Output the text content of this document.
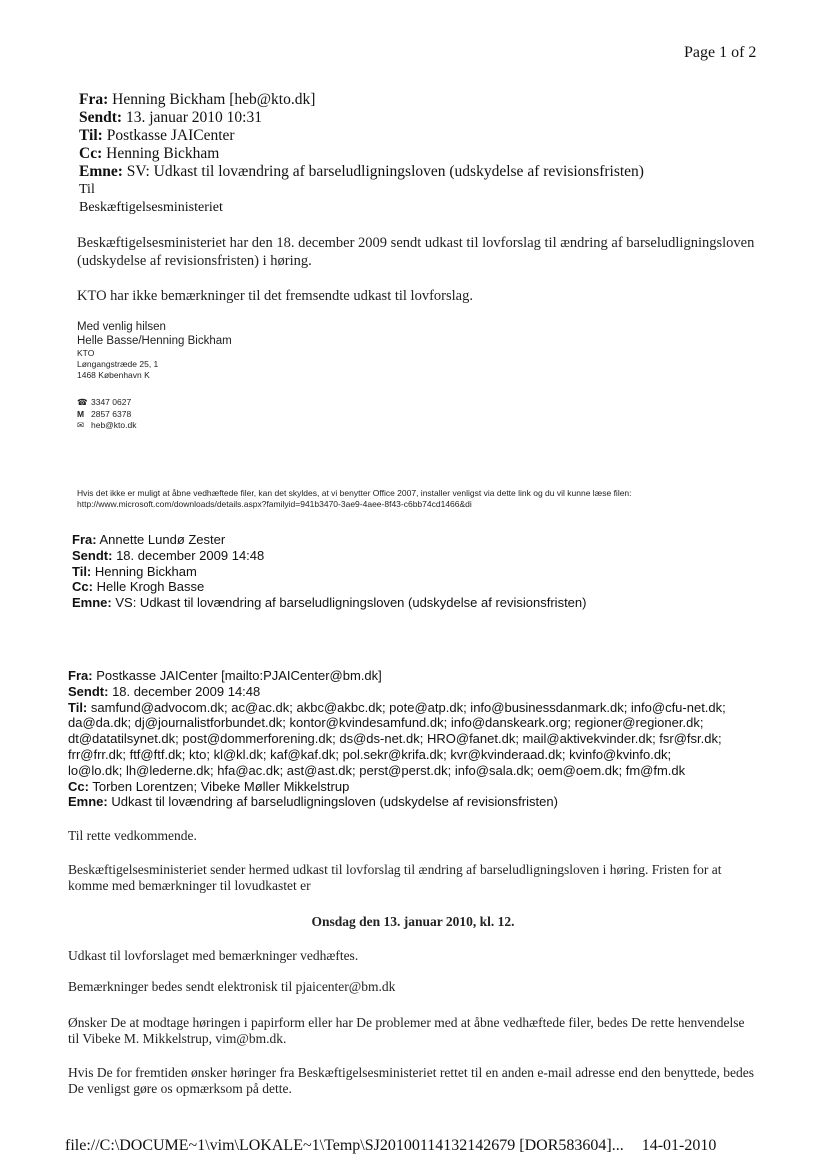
Page 1 of 2
Fra: Henning Bickham [heb@kto.dk]
Sendt: 13. januar 2010 10:31
Til: Postkasse JAICenter
Cc: Henning Bickham
Emne: SV: Udkast til lovændring af barseludligningsloven (udskydelse af revisionsfristen)
Til
Beskæftigelsesministeriet
Beskæftigelsesministeriet har den 18. december 2009 sendt udkast til lovforslag til ændring af barseludligningsloven (udskydelse af revisionsfristen) i høring.
KTO har ikke bemærkninger til det fremsendte udkast til lovforslag.
Med venlig hilsen
Helle Basse/Henning Bickham
KTO
Løngangstræde 25, 1
1468 København K
☎ 3347 0627
M 2857 6378
✉ heb@kto.dk
Hvis det ikke er muligt at åbne vedhæftede filer, kan det skyldes, at vi benytter Office 2007, installer venligst via dette link og du vil kunne læse filen: http://www.microsoft.com/downloads/details.aspx?familyid=941b3470-3ae9-4aee-8f43-c6bb74cd1466&di
Fra: Annette Lundø Zester
Sendt: 18. december 2009 14:48
Til: Henning Bickham
Cc: Helle Krogh Basse
Emne: VS: Udkast til lovændring af barseludligningsloven (udskydelse af revisionsfristen)
Fra: Postkasse JAICenter [mailto:PJAICenter@bm.dk]
Sendt: 18. december 2009 14:48
Til: samfund@advocom.dk; ac@ac.dk; akbc@akbc.dk; pote@atp.dk; info@businessdanmark.dk; info@cfu-net.dk;
da@da.dk; dj@journalistforbundet.dk; kontor@kvindesamfund.dk; info@danskeark.org; regioner@regioner.dk;
dt@datatilsynet.dk; post@dommerforening.dk; ds@ds-net.dk; HRO@fanet.dk; mail@aktivekvinder.dk; fsr@fsr.dk;
frr@frr.dk; ftf@ftf.dk; kto; kl@kl.dk; kaf@kaf.dk; pol.sekr@krifa.dk; kvr@kvinderaad.dk; kvinfo@kvinfo.dk;
lo@lo.dk; lh@lederne.dk; hfa@ac.dk; ast@ast.dk; perst@perst.dk; info@sala.dk; oem@oem.dk; fm@fm.dk
Cc: Torben Lorentzen; Vibeke Møller Mikkelstrup
Emne: Udkast til lovændring af barseludligningsloven (udskydelse af revisionsfristen)

Til rette vedkommende.

Beskæftigelsesministeriet sender hermed udkast til lovforslag til ændring af barseludligningsloven i høring. Fristen for at komme med bemærkninger til lovudkastet er

Onsdag den 13. januar 2010, kl. 12.

Udkast til lovforslaget med bemærkninger vedhæftes.

Bemærkninger bedes sendt elektronisk til pjaicenter@bm.dk

Ønsker De at modtage høringen i papirform eller har De problemer med at åbne vedhæftede filer, bedes De rette henvendelse til Vibeke M. Mikkelstrup, vim@bm.dk.

Hvis De for fremtiden ønsker høringer fra Beskæftigelsesministeriet rettet til en anden e-mail adresse end den benyttede, bedes De venligst gøre os opmærksom på dette.

file://C:\DOCUME~1\vim\LOKALE~1\Temp\SJ20100114132142679 [DOR583604]... 14-01-2010
